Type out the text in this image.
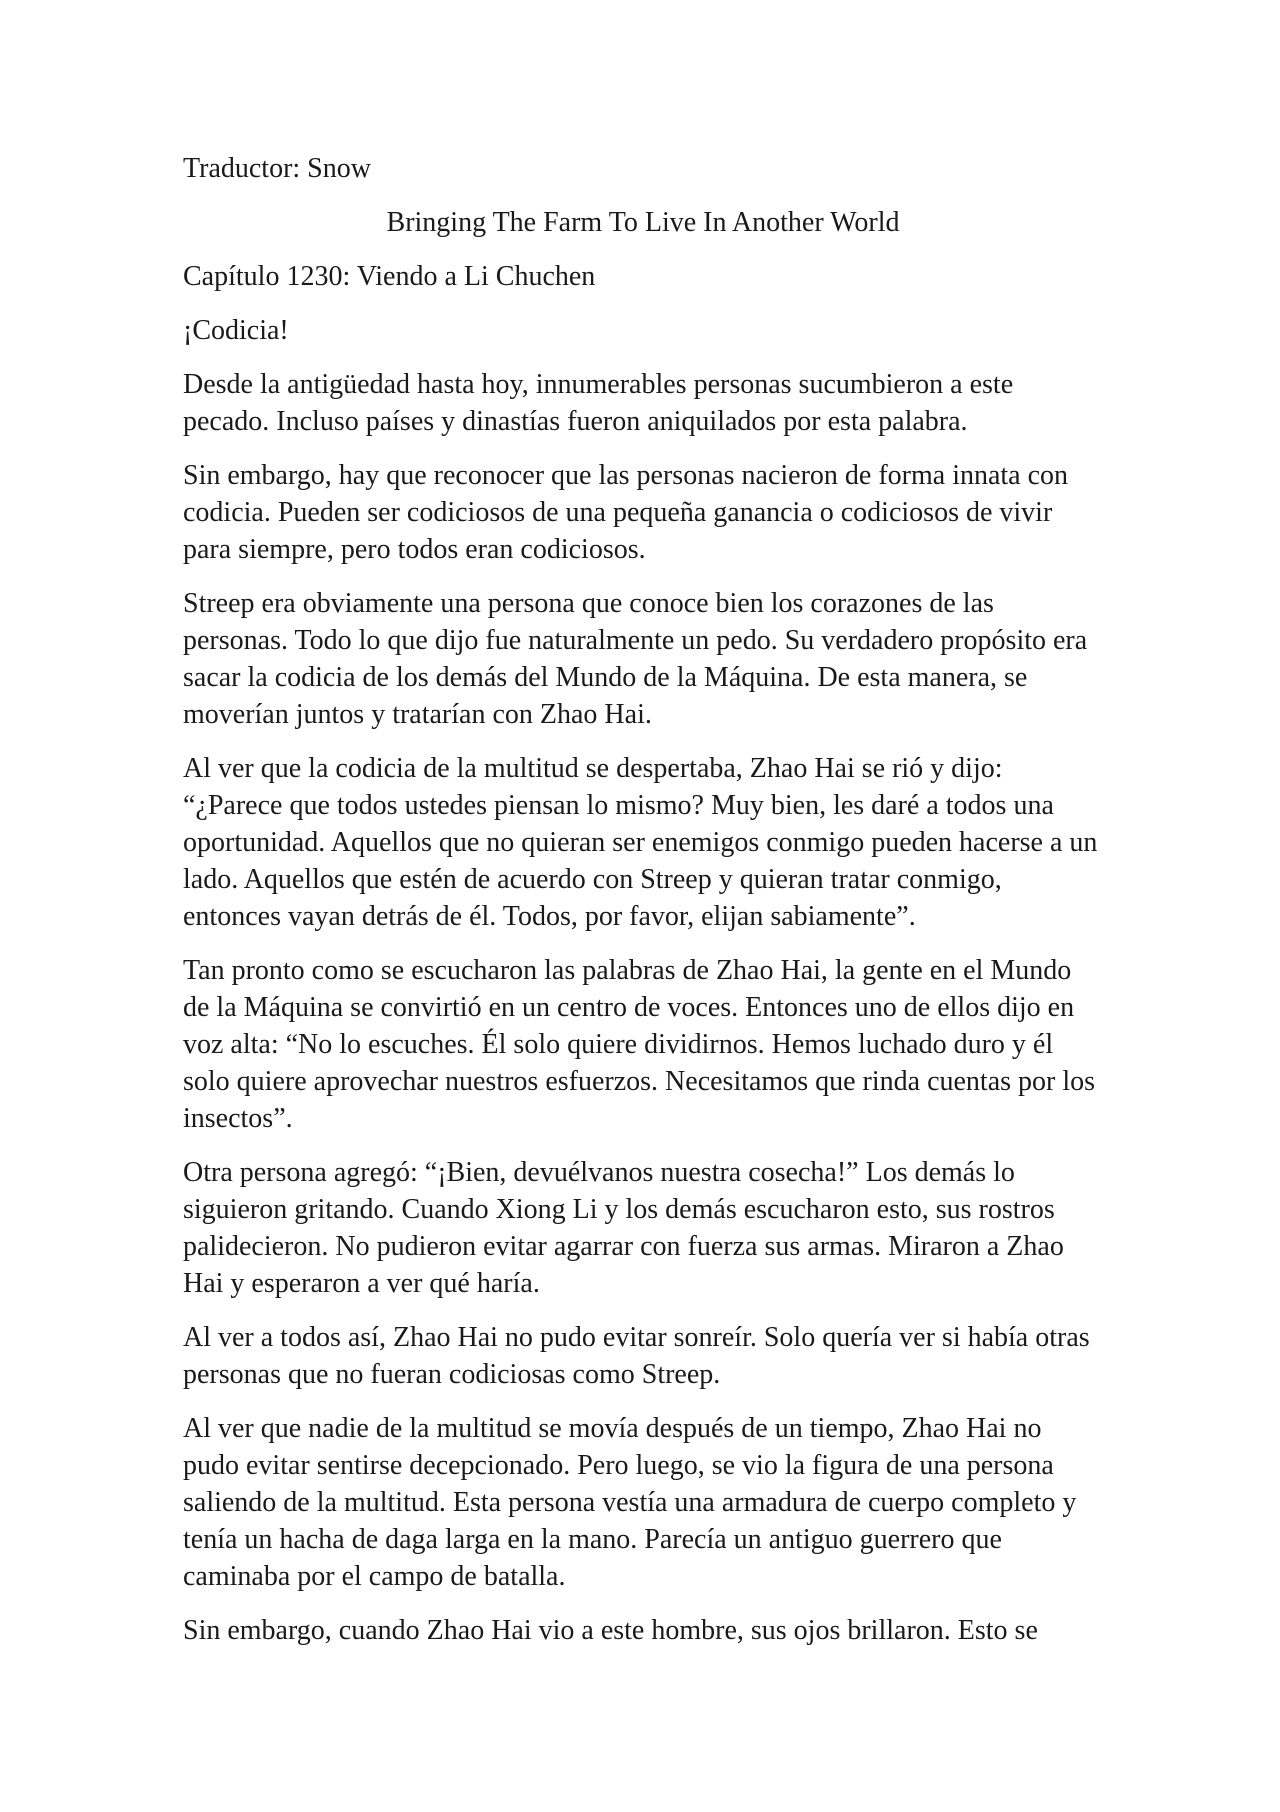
Traductor: Snow

Bringing The Farm To Live In Another World

Capítulo 1230: Viendo a Li Chuchen

¡Codicia!

Desde la antigüedad hasta hoy, innumerables personas sucumbieron a este pecado. Incluso países y dinastías fueron aniquilados por esta palabra.

Sin embargo, hay que reconocer que las personas nacieron de forma innata con codicia. Pueden ser codiciosos de una pequeña ganancia o codiciosos de vivir para siempre, pero todos eran codiciosos.

Streep era obviamente una persona que conoce bien los corazones de las personas. Todo lo que dijo fue naturalmente un pedo. Su verdadero propósito era sacar la codicia de los demás del Mundo de la Máquina. De esta manera, se moverían juntos y tratarían con Zhao Hai.

Al ver que la codicia de la multitud se despertaba, Zhao Hai se rió y dijo: “¿Parece que todos ustedes piensan lo mismo? Muy bien, les daré a todos una oportunidad. Aquellos que no quieran ser enemigos conmigo pueden hacerse a un lado. Aquellos que estén de acuerdo con Streep y quieran tratar conmigo, entonces vayan detrás de él. Todos, por favor, elijan sabiamente”.

Tan pronto como se escucharon las palabras de Zhao Hai, la gente en el Mundo de la Máquina se convirtió en un centro de voces. Entonces uno de ellos dijo en voz alta: “No lo escuches. Él solo quiere dividirnos. Hemos luchado duro y él solo quiere aprovechar nuestros esfuerzos. Necesitamos que rinda cuentas por los insectos”.

Otra persona agregó: “¡Bien, devuélvanos nuestra cosecha!” Los demás lo siguieron gritando. Cuando Xiong Li y los demás escucharon esto, sus rostros palidecieron. No pudieron evitar agarrar con fuerza sus armas. Miraron a Zhao Hai y esperaron a ver qué haría.

Al ver a todos así, Zhao Hai no pudo evitar sonreír. Solo quería ver si había otras personas que no fueran codiciosas como Streep.

Al ver que nadie de la multitud se movía después de un tiempo, Zhao Hai no pudo evitar sentirse decepcionado. Pero luego, se vio la figura de una persona saliendo de la multitud. Esta persona vestía una armadura de cuerpo completo y tenía un hacha de daga larga en la mano. Parecía un antiguo guerrero que caminaba por el campo de batalla.

Sin embargo, cuando Zhao Hai vio a este hombre, sus ojos brillaron. Esto se
